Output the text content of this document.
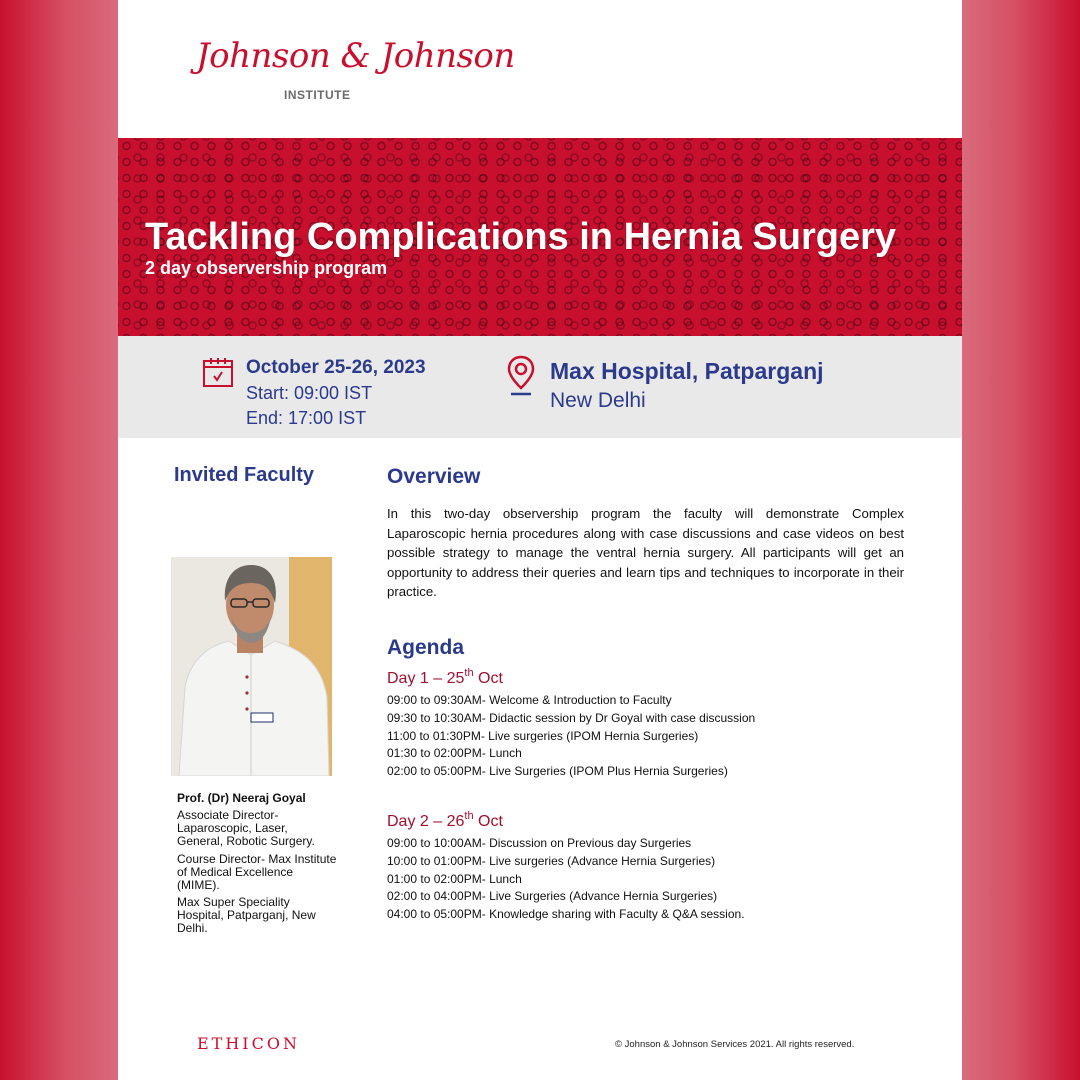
Johnson & Johnson
INSTITUTE
Tackling Complications in Hernia Surgery
2 day observership program
October 25-26, 2023
Start: 09:00 IST
End: 17:00 IST
Max Hospital, Patparganj
New Delhi
Invited Faculty
Prof. (Dr) Neeraj Goyal
Associate Director- Laparoscopic, Laser, General, Robotic Surgery.
Course Director- Max Institute of Medical Excellence (MIME).
Max Super Speciality Hospital, Patparganj, New Delhi.
Overview

In this two-day observership program the faculty will demonstrate Complex Laparoscopic hernia procedures along with case discussions and case videos on best possible strategy to manage the ventral hernia surgery. All participants will get an opportunity to address their queries and learn tips and techniques to incorporate in their practice.

Agenda
Day 1 – 25th Oct
09:00 to 09:30AM- Welcome & Introduction to Faculty
09:30 to 10:30AM- Didactic session by Dr Goyal with case discussion
11:00 to 01:30PM- Live surgeries (IPOM Hernia Surgeries)
01:30 to 02:00PM- Lunch
02:00 to 05:00PM- Live Surgeries (IPOM Plus Hernia Surgeries)
Day 2 – 26th Oct
09:00 to 10:00AM- Discussion on Previous day Surgeries
10:00 to 01:00PM- Live surgeries (Advance Hernia Surgeries)
01:00 to 02:00PM- Lunch
02:00 to 04:00PM- Live Surgeries (Advance Hernia Surgeries)
04:00 to 05:00PM- Knowledge sharing with Faculty & Q&A session.
ETHICON	© Johnson & Johnson Services 2021. All rights reserved.
